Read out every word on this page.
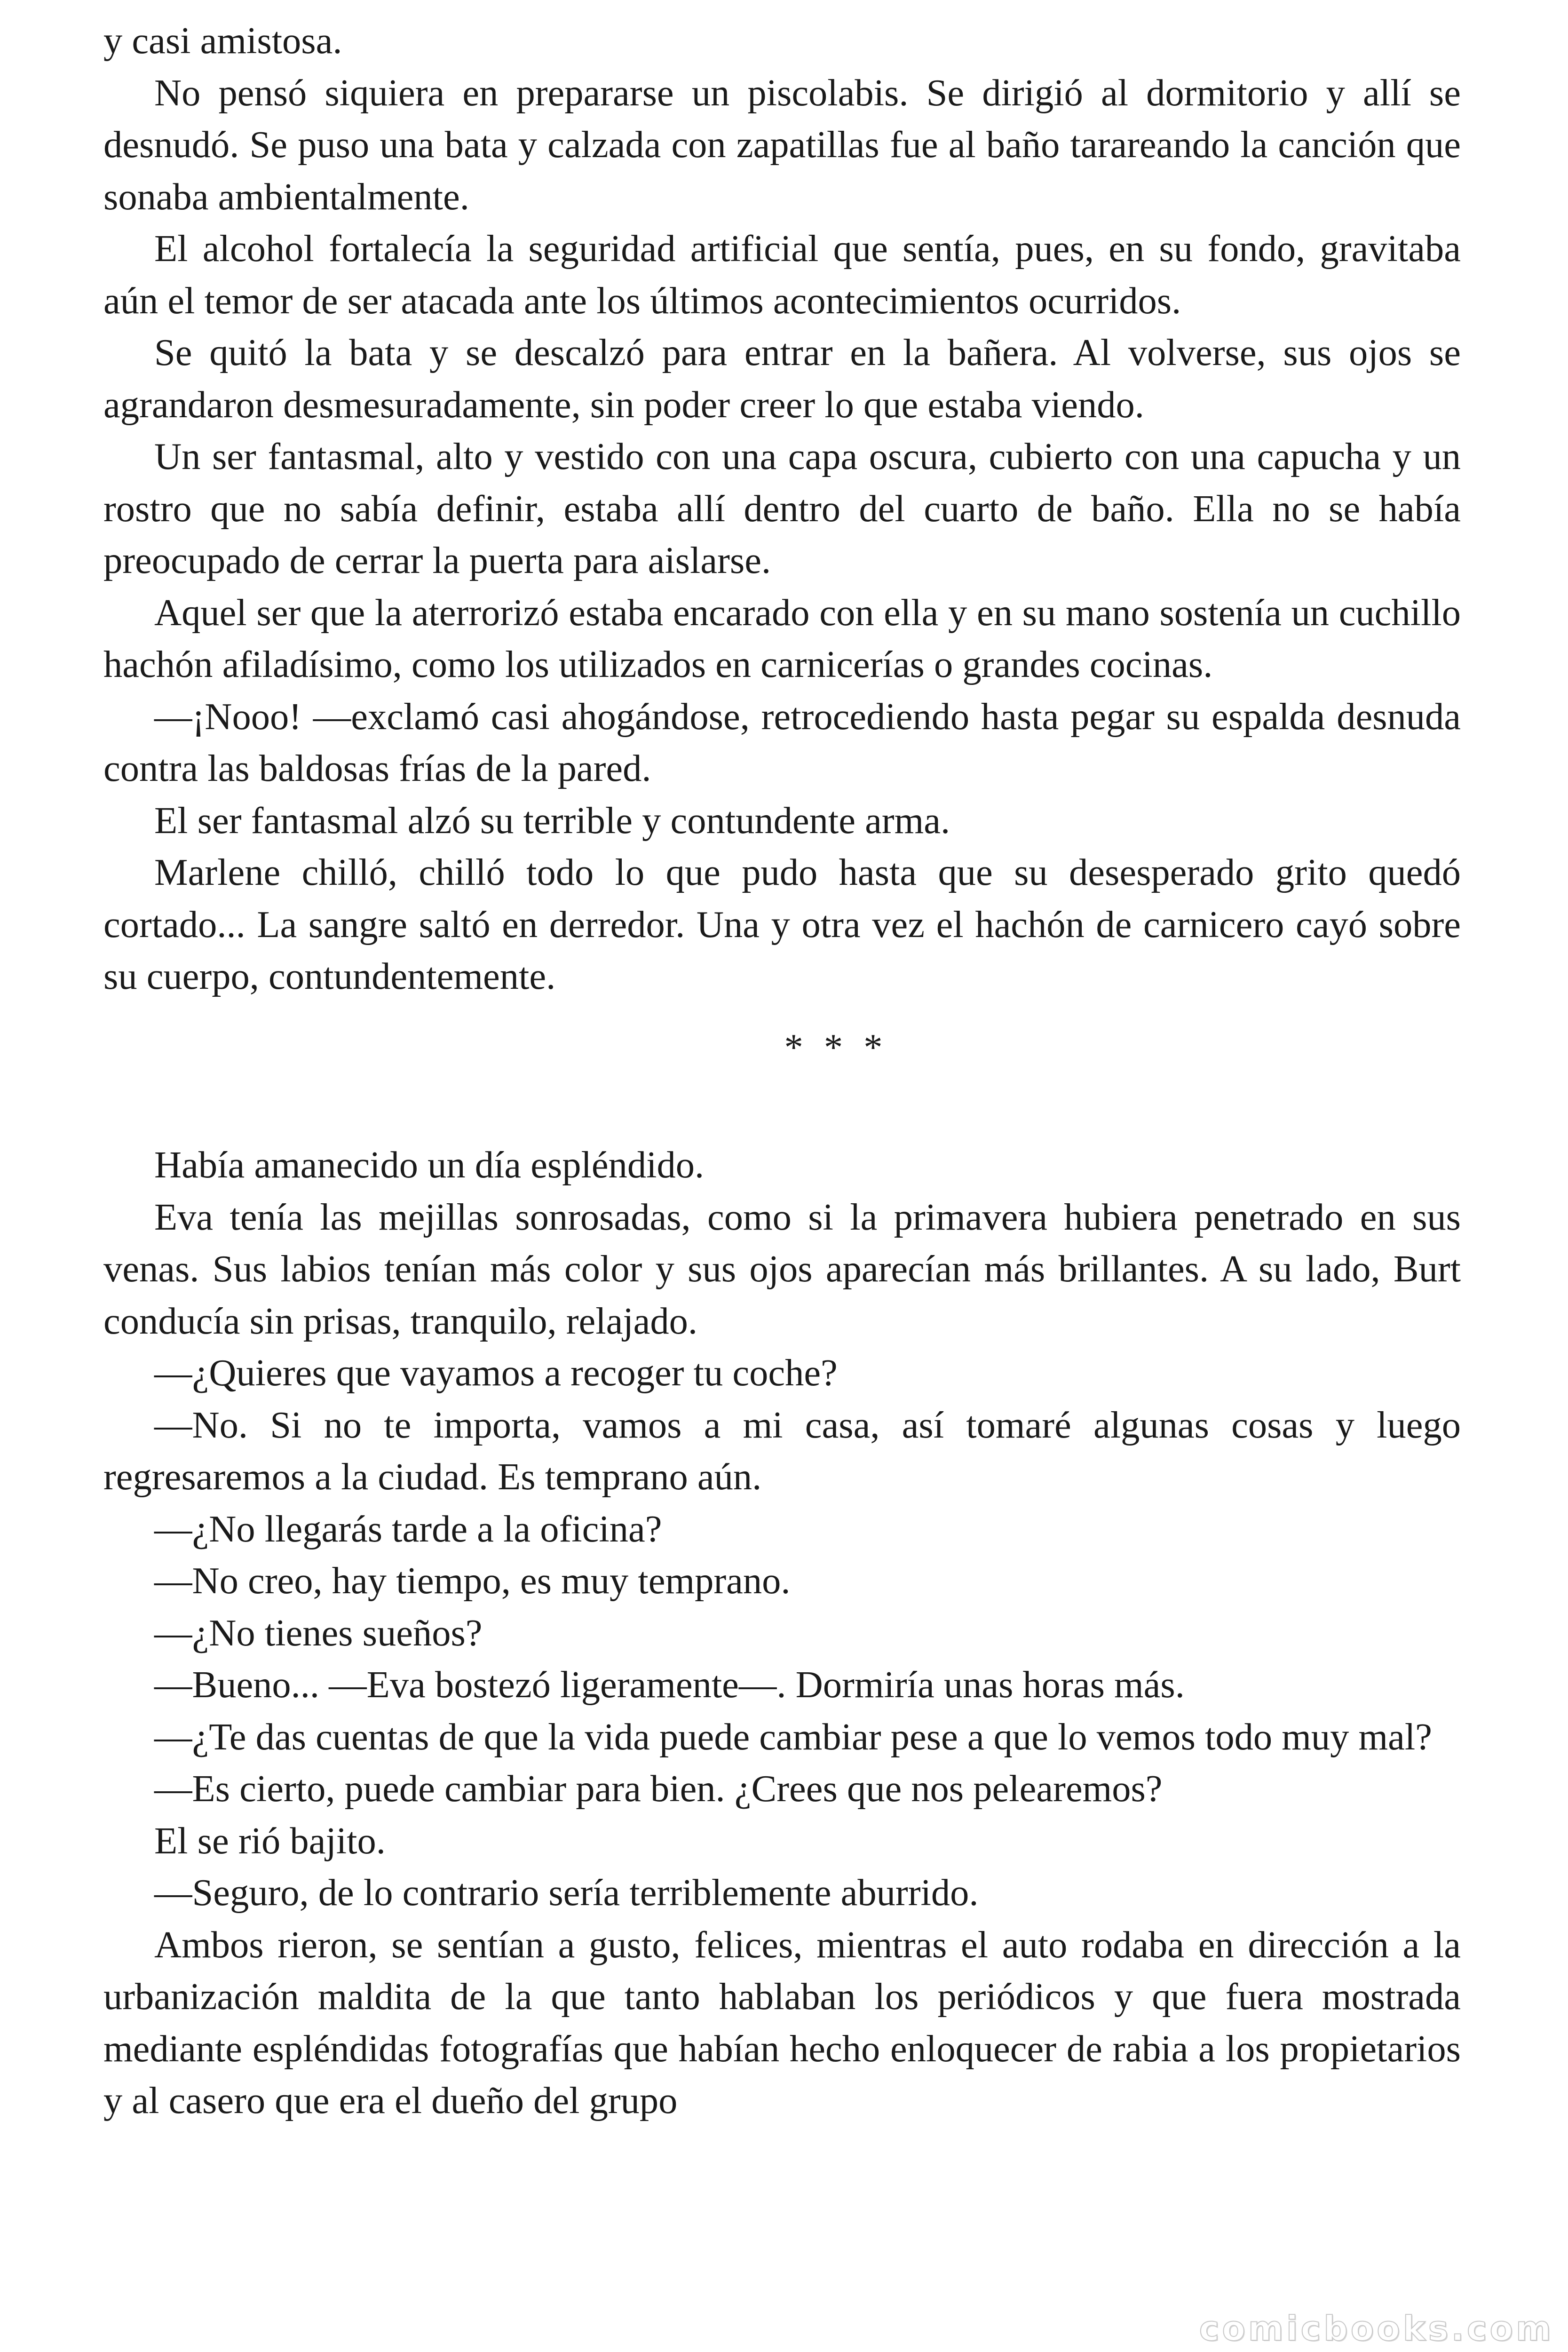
y casi amistosa.

No pensó siquiera en prepararse un piscolabis. Se dirigió al dormitorio y allí se desnudó. Se puso una bata y calzada con zapatillas fue al baño tarareando la canción que sonaba ambientalmente.

El alcohol fortalecía la seguridad artificial que sentía, pues, en su fondo, gravitaba aún el temor de ser atacada ante los últimos acontecimientos ocurridos.

Se quitó la bata y se descalzó para entrar en la bañera. Al volverse, sus ojos se agrandaron desmesuradamente, sin poder creer lo que estaba viendo.

Un ser fantasmal, alto y vestido con una capa oscura, cubierto con una capucha y un rostro que no sabía definir, estaba allí dentro del cuarto de baño. Ella no se había preocupado de cerrar la puerta para aislarse.

Aquel ser que la aterrorizó estaba encarado con ella y en su mano sostenía un cuchillo hachón afiladísimo, como los utilizados en carnicerías o grandes cocinas.

—¡Nooo! —exclamó casi ahogándose, retrocediendo hasta pegar su espalda desnuda contra las baldosas frías de la pared.

El ser fantasmal alzó su terrible y contundente arma.

Marlene chilló, chilló todo lo que pudo hasta que su desesperado grito quedó cortado... La sangre saltó en derredor. Una y otra vez el hachón de carnicero cayó sobre su cuerpo, contundentemente.

* * *

Había amanecido un día espléndido.

Eva tenía las mejillas sonrosadas, como si la primavera hubiera penetrado en sus venas. Sus labios tenían más color y sus ojos aparecían más brillantes. A su lado, Burt conducía sin prisas, tranquilo, relajado.

—¿Quieres que vayamos a recoger tu coche?

—No. Si no te importa, vamos a mi casa, así tomaré algunas cosas y luego regresaremos a la ciudad. Es temprano aún.

—¿No llegarás tarde a la oficina?

—No creo, hay tiempo, es muy temprano.

—¿No tienes sueños?

—Bueno... —Eva bostezó ligeramente—. Dormiría unas horas más.

—¿Te das cuentas de que la vida puede cambiar pese a que lo vemos todo muy mal?

—Es cierto, puede cambiar para bien. ¿Crees que nos pelearemos?

El se rió bajito.

—Seguro, de lo contrario sería terriblemente aburrido.

Ambos rieron, se sentían a gusto, felices, mientras el auto rodaba en dirección a la urbanización maldita de la que tanto hablaban los periódicos y que fuera mostrada mediante espléndidas fotografías que habían hecho enloquecer de rabia a los propietarios y al casero que era el dueño del grupo

comicbooks.com
